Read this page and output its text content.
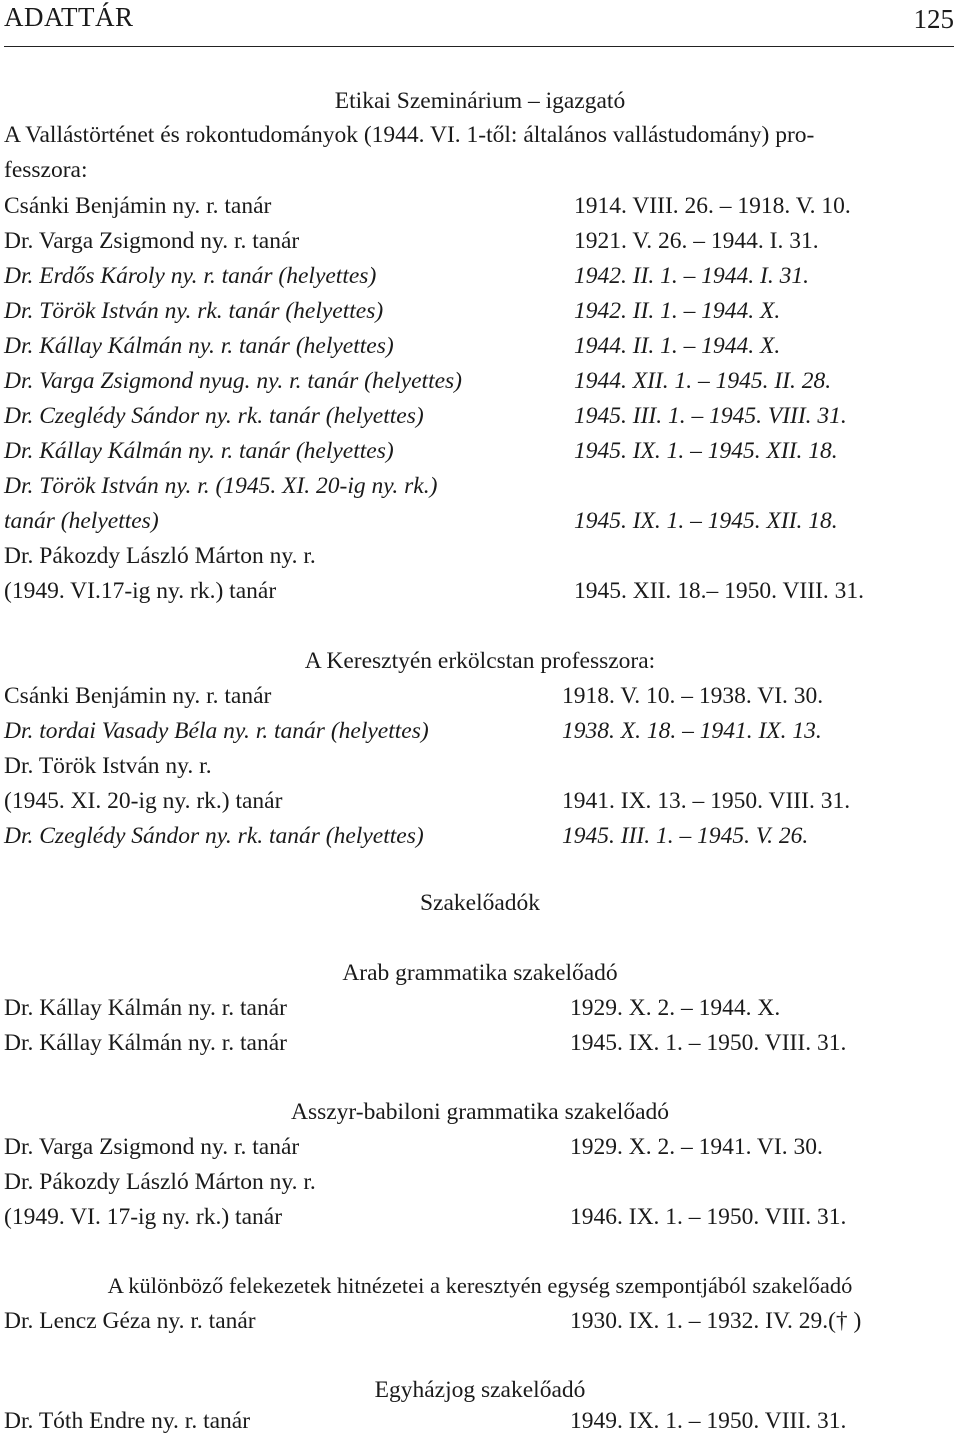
ADATTÁR	125
Etikai Szeminárium – igazgató
A Vallástörténet és rokontudományok (1944. VI. 1-től: általános vallástudomány) pro-
fesszora:
Csánki Benjámin ny. r. tanár	1914. VIII. 26. – 1918. V. 10.
Dr. Varga Zsigmond ny. r. tanár	1921. V. 26. – 1944. I. 31.
Dr. Erdős Károly ny. r. tanár (helyettes)	1942. II. 1. – 1944. I. 31.
Dr. Török István ny. rk. tanár (helyettes)	1942. II. 1. – 1944. X.
Dr. Kállay Kálmán ny. r. tanár (helyettes)	1944. II. 1. – 1944. X.
Dr. Varga Zsigmond nyug. ny. r. tanár (helyettes)	1944. XII. 1. – 1945. II. 28.
Dr. Czeglédy Sándor ny. rk. tanár (helyettes)	1945. III. 1. – 1945. VIII. 31.
Dr. Kállay Kálmán ny. r. tanár (helyettes)	1945. IX. 1. – 1945. XII. 18.
Dr. Török István ny. r. (1945. XI. 20-ig ny. rk.)
tanár (helyettes)	1945. IX. 1. – 1945. XII. 18.
Dr. Pákozdy László Márton ny. r.
(1949. VI.17-ig ny. rk.) tanár	1945. XII. 18.– 1950. VIII. 31.
A Keresztyén erkölcstan professzora:
Csánki Benjámin ny. r. tanár	1918. V. 10. – 1938. VI. 30.
Dr. tordai Vasady Béla ny. r. tanár (helyettes)	1938. X. 18. – 1941. IX. 13.
Dr. Török István ny. r.
(1945. XI. 20-ig ny. rk.) tanár	1941. IX. 13. – 1950. VIII. 31.
Dr. Czeglédy Sándor ny. rk. tanár (helyettes)	1945. III. 1. – 1945. V. 26.
Szakelőadók
Arab grammatika szakelőadó
Dr. Kállay Kálmán ny. r. tanár	1929. X. 2. – 1944. X.
Dr. Kállay Kálmán ny. r. tanár	1945. IX. 1. – 1950. VIII. 31.
Asszyr-babiloni grammatika szakelőadó
Dr. Varga Zsigmond ny. r. tanár	1929. X. 2. – 1941. VI. 30.
Dr. Pákozdy László Márton ny. r.
(1949. VI. 17-ig ny. rk.) tanár	1946. IX. 1. – 1950. VIII. 31.
A különböző felekezetek hitnézetei a keresztyén egység szempontjából szakelőadó
Dr. Lencz Géza ny. r. tanár	1930. IX. 1. – 1932. IV. 29.(† )
Egyházjog szakelőadó
Dr. Tóth Endre ny. r. tanár	1949. IX. 1. – 1950. VIII. 31.
